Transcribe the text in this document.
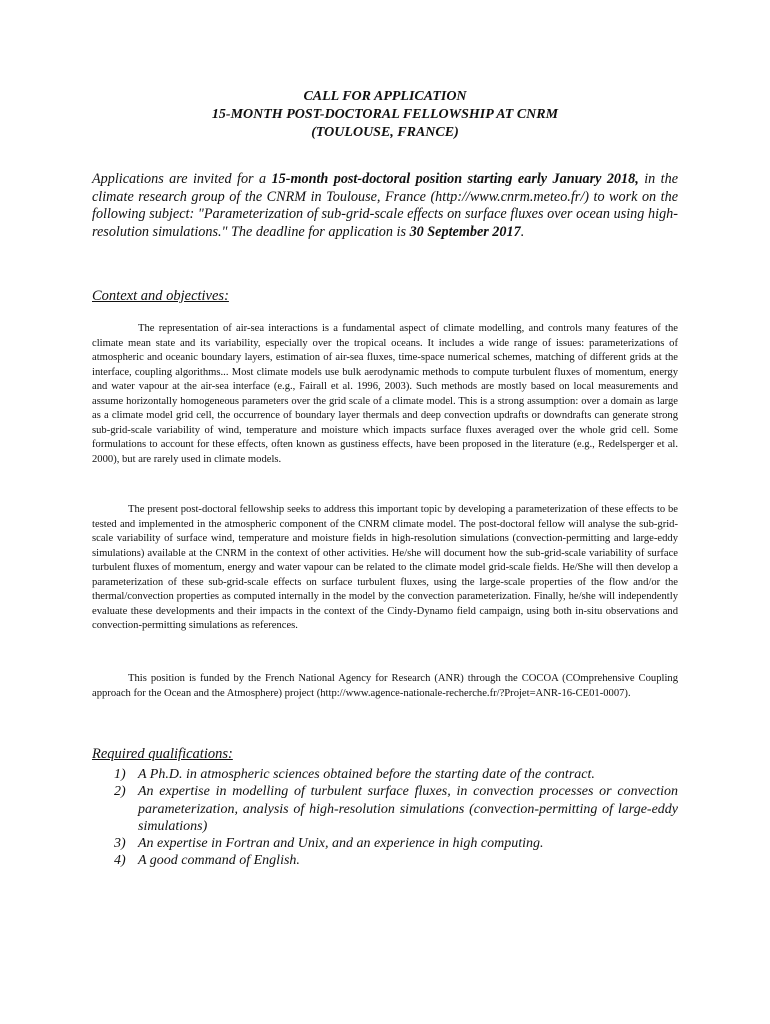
CALL FOR APPLICATION
15-MONTH POST-DOCTORAL FELLOWSHIP AT CNRM
(TOULOUSE, FRANCE)
Applications are invited for a 15-month post-doctoral position starting early January 2018, in the climate research group of the CNRM in Toulouse, France (http://www.cnrm.meteo.fr/) to work on the following subject: "Parameterization of sub-grid-scale effects on surface fluxes over ocean using high-resolution simulations." The deadline for application is 30 September 2017.
Context and objectives:
The representation of air-sea interactions is a fundamental aspect of climate modelling, and controls many features of the climate mean state and its variability, especially over the tropical oceans. It includes a wide range of issues: parameterizations of atmospheric and oceanic boundary layers, estimation of air-sea fluxes, time-space numerical schemes, matching of different grids at the interface, coupling algorithms... Most climate models use bulk aerodynamic methods to compute turbulent fluxes of momentum, energy and water vapour at the air-sea interface (e.g., Fairall et al. 1996, 2003). Such methods are mostly based on local measurements and assume horizontally homogeneous parameters over the grid scale of a climate model. This is a strong assumption: over a domain as large as a climate model grid cell, the occurrence of boundary layer thermals and deep convection updrafts or downdrafts can generate strong sub-grid-scale variability of wind, temperature and moisture which impacts surface fluxes averaged over the whole grid cell. Some formulations to account for these effects, often known as gustiness effects, have been proposed in the literature (e.g., Redelsperger et al. 2000), but are rarely used in climate models.
The present post-doctoral fellowship seeks to address this important topic by developing a parameterization of these effects to be tested and implemented in the atmospheric component of the CNRM climate model. The post-doctoral fellow will analyse the sub-grid-scale variability of surface wind, temperature and moisture fields in high-resolution simulations (convection-permitting and large-eddy simulations) available at the CNRM in the context of other activities. He/she will document how the sub-grid-scale variability of surface turbulent fluxes of momentum, energy and water vapour can be related to the climate model grid-scale fields. He/She will then develop a parameterization of these sub-grid-scale effects on surface turbulent fluxes, using the large-scale properties of the flow and/or the thermal/convection properties as computed internally in the model by the convection parameterization. Finally, he/she will independently evaluate these developments and their impacts in the context of the Cindy-Dynamo field campaign, using both in-situ observations and convection-permitting simulations as references.
This position is funded by the French National Agency for Research (ANR) through the COCOA (COmprehensive Coupling approach for the Ocean and the Atmosphere) project (http://www.agence-nationale-recherche.fr/?Projet=ANR-16-CE01-0007).
Required qualifications:
1) A Ph.D. in atmospheric sciences obtained before the starting date of the contract.
2) An expertise in modelling of turbulent surface fluxes, in convection processes or convection parameterization, analysis of high-resolution simulations (convection-permitting of large-eddy simulations)
3) An expertise in Fortran and Unix, and an experience in high computing.
4) A good command of English.
